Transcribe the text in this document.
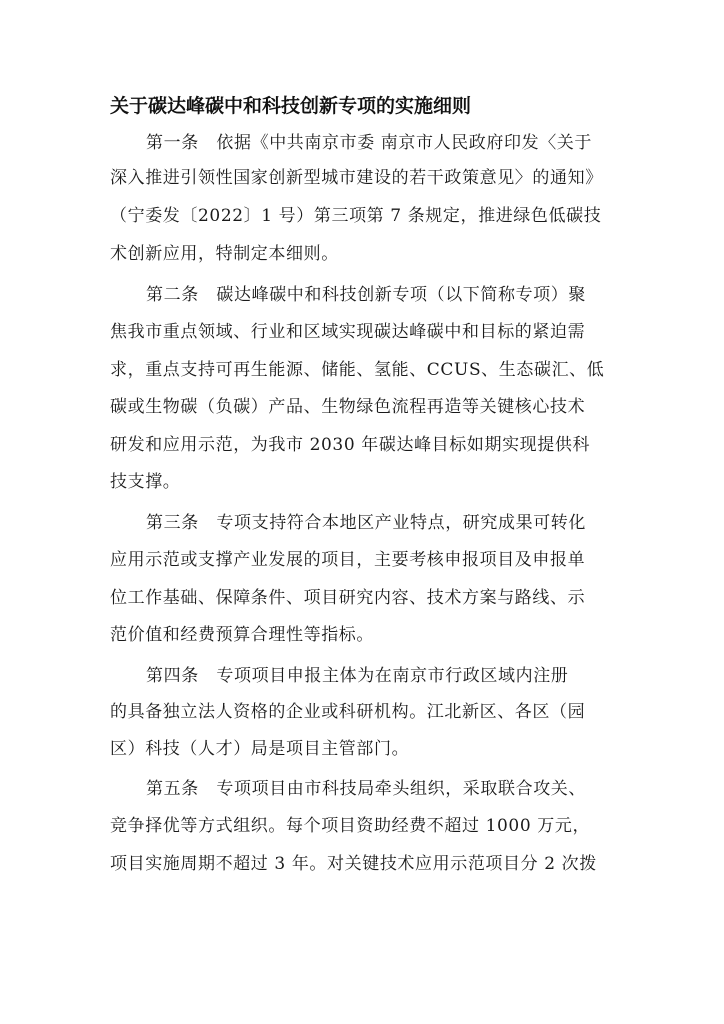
关于碳达峰碳中和科技创新专项的实施细则
第一条　依据《中共南京市委 南京市人民政府印发〈关于
深入推进引领性国家创新型城市建设的若干政策意见〉的通知》
（宁委发〔2022〕1 号）第三项第 7 条规定，推进绿色低碳技
术创新应用，特制定本细则。
第二条　碳达峰碳中和科技创新专项（以下简称专项）聚
焦我市重点领域、行业和区域实现碳达峰碳中和目标的紧迫需
求，重点支持可再生能源、储能、氢能、CCUS、生态碳汇、低
碳或生物碳（负碳）产品、生物绿色流程再造等关键核心技术
研发和应用示范，为我市 2030 年碳达峰目标如期实现提供科
技支撑。
第三条　专项支持符合本地区产业特点，研究成果可转化
应用示范或支撑产业发展的项目，主要考核申报项目及申报单
位工作基础、保障条件、项目研究内容、技术方案与路线、示
范价值和经费预算合理性等指标。
第四条　专项项目申报主体为在南京市行政区域内注册
的具备独立法人资格的企业或科研机构。江北新区、各区（园
区）科技（人才）局是项目主管部门。
第五条　专项项目由市科技局牵头组织，采取联合攻关、
竞争择优等方式组织。每个项目资助经费不超过 1000 万元，
项目实施周期不超过 3 年。对关键技术应用示范项目分 2 次拨
